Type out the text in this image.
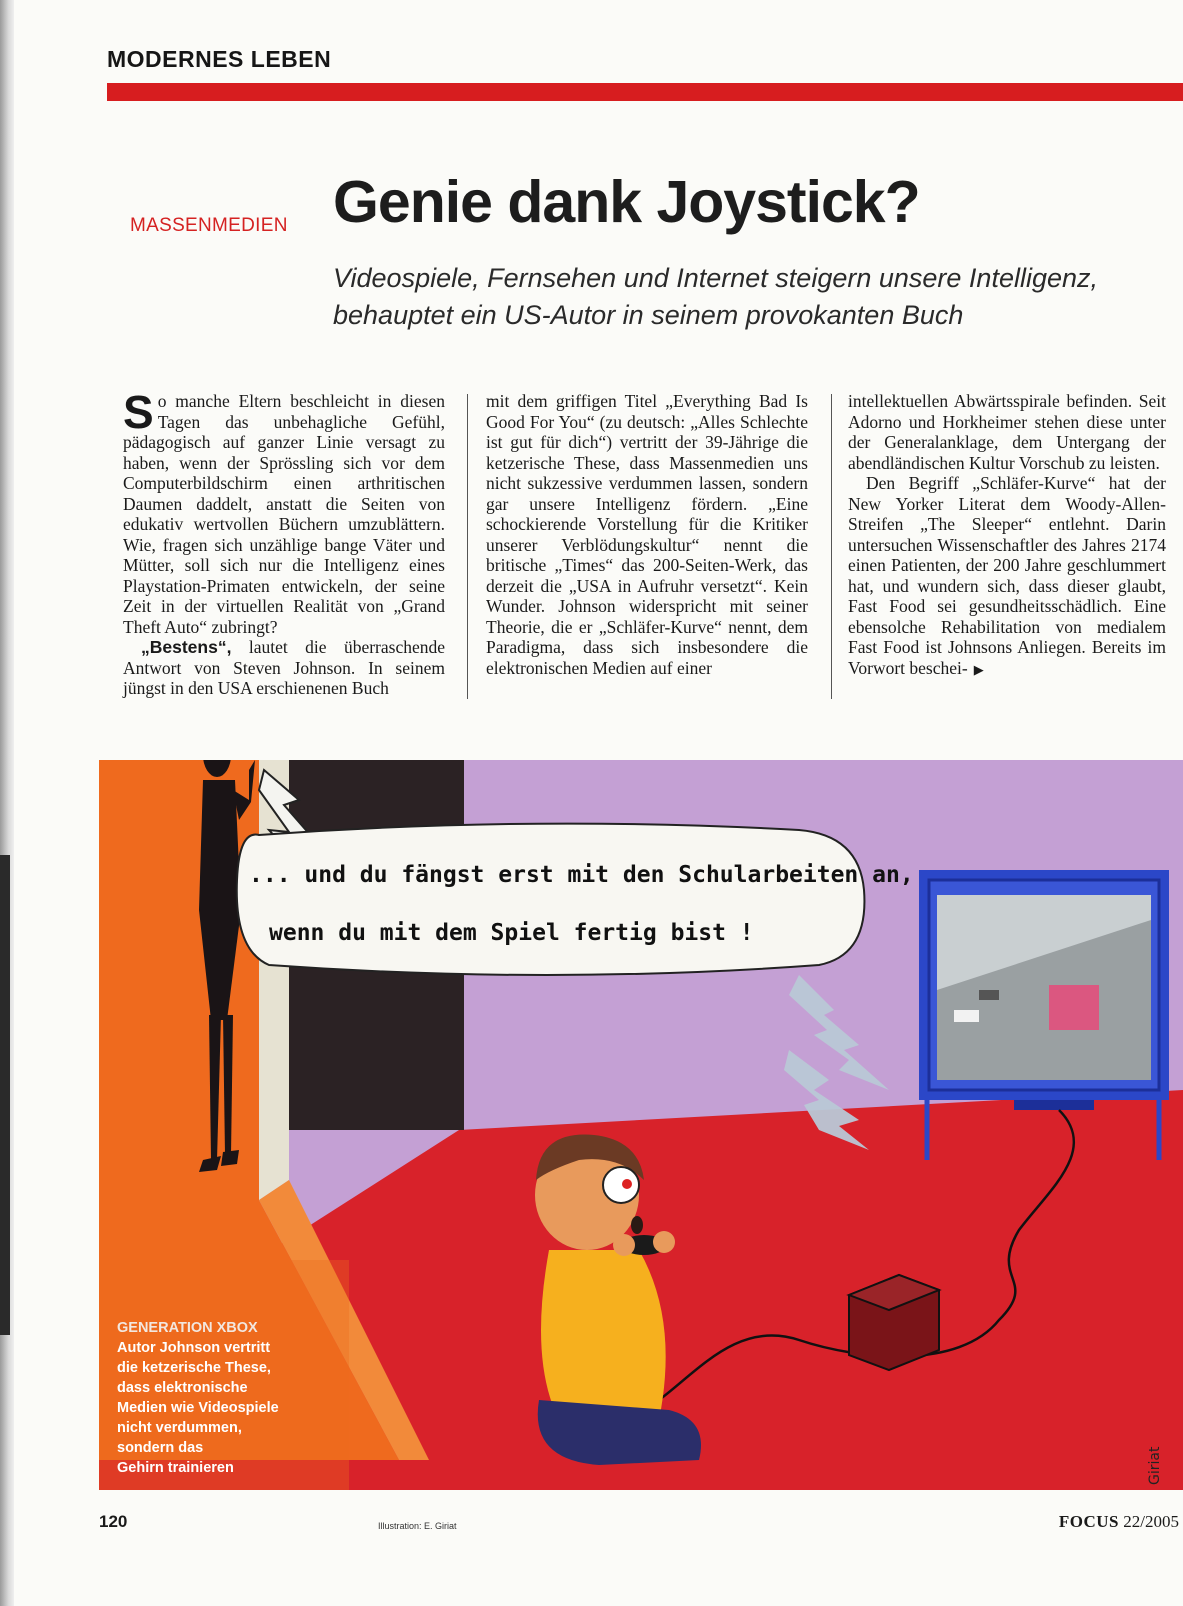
MODERNES LEBEN
MASSENMEDIEN Genie dank Joystick?
Videospiele, Fernsehen und Internet steigern unsere Intelligenz,
behauptet ein US-Autor in seinem provokanten Buch

So manche Eltern beschleicht in diesen Tagen das unbehagliche Gefühl, pädagogisch auf ganzer Linie versagt zu haben, wenn der Sprössling sich vor dem Computerbildschirm einen arthritischen Daumen daddelt, anstatt die Seiten von edukativ wertvollen Büchern umzublättern. Wie, fragen sich unzählige bange Väter und Mütter, soll sich nur die Intelligenz eines Playstation-Primaten entwickeln, der seine Zeit in der virtuellen Realität von „Grand Theft Auto“ zubringt?

„Bestens“, lautet die überraschende Antwort von Steven Johnson. In seinem jüngst in den USA erschienenen Buch

mit dem griffigen Titel „Everything Bad Is Good For You“ (zu deutsch: „Alles Schlechte ist gut für dich“) vertritt der 39-Jährige die ketzerische These, dass Massenmedien uns nicht sukzessive verdummen lassen, sondern gar unsere Intelligenz fördern. „Eine schockierende Vorstellung für die Kritiker unserer Verblödungskultur“ nennt die britische „Times“ das 200-Seiten-Werk, das derzeit die „USA in Aufruhr versetzt“. Kein Wunder. Johnson widerspricht mit seiner Theorie, die er „Schläfer-Kurve“ nennt, dem Paradigma, dass sich insbesondere die elektronischen Medien auf einer

intellektuellen Abwärtsspirale befinden. Seit Adorno und Horkheimer stehen diese unter der Generalanklage, dem Untergang der abendländischen Kultur Vorschub zu leisten.

Den Begriff „Schläfer-Kurve“ hat der New Yorker Literat dem Woody-Allen-Streifen „The Sleeper“ entlehnt. Darin untersuchen Wissenschaftler des Jahres 2174 einen Patienten, der 200 Jahre geschlummert hat, und wundern sich, dass dieser glaubt, Fast Food sei gesundheitsschädlich. Eine ebensolche Rehabilitation von medialem Fast Food ist Johnsons Anliegen. Bereits im Vorwort beschei- ▶

... und du fängst erst mit den Schularbeiten an,
wenn du mit dem Spiel fertig bist !
Giriat
GENERATION XBOX
Autor Johnson vertritt
die ketzerische These,
dass elektronische
Medien wie Videospiele
nicht verdummen,
sondern das
Gehirn trainieren
120	Illustration: E. Giriat	FOCUS 22/2005
